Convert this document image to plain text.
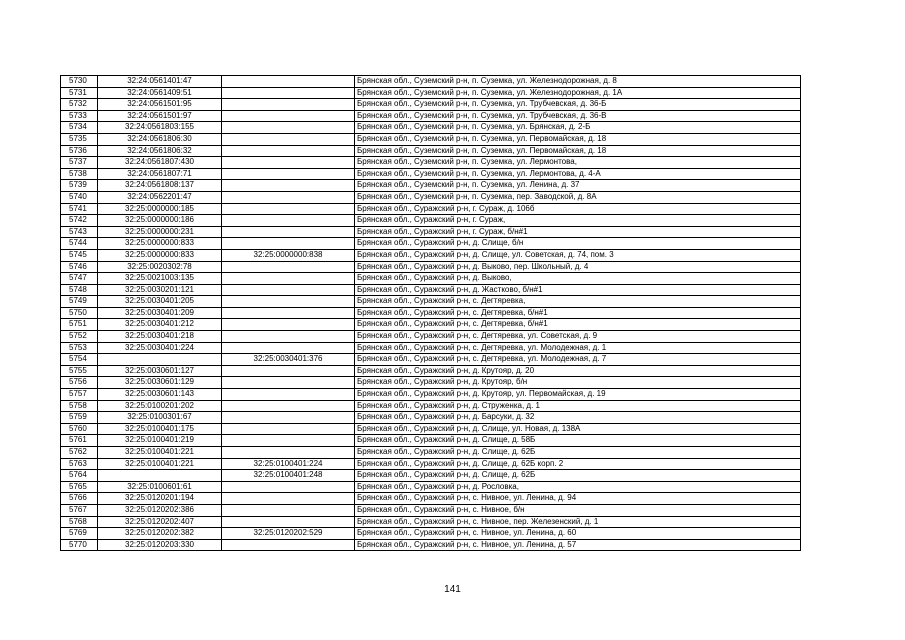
5730	32:24:0561401:47		Брянская обл., Суземский р-н, п. Суземка, ул. Железнодорожная, д. 8
5731	32:24:0561409:51		Брянская обл., Суземский р-н, п. Суземка, ул. Железнодорожная, д. 1А
5732	32:24:0561501:95		Брянская обл., Суземский р-н, п. Суземка, ул. Трубчевская, д. 36-Б
5733	32:24:0561501:97		Брянская обл., Суземский р-н, п. Суземка, ул. Трубчевская, д. 36-В
5734	32:24:0561803:155		Брянская обл., Суземский р-н, п. Суземка, ул. Брянская, д. 2-Б
5735	32:24:0561806:30		Брянская обл., Суземский р-н, п. Суземка, ул. Первомайская, д. 18
5736	32:24:0561806:32		Брянская обл., Суземский р-н, п. Суземка, ул. Первомайская, д. 18
5737	32:24:0561807:430		Брянская обл., Суземский р-н, п. Суземка, ул. Лермонтова,
5738	32:24:0561807:71		Брянская обл., Суземский р-н, п. Суземка, ул. Лермонтова, д. 4-А
5739	32:24:0561808:137		Брянская обл., Суземский р-н, п. Суземка, ул. Ленина, д. 37
5740	32:24:0562201:47		Брянская обл., Суземский р-н, п. Суземка, пер. Заводской, д. 8А
5741	32:25:0000000:185		Брянская обл., Суражский р-н, г. Сураж, д. 106б
5742	32:25:0000000:186		Брянская обл., Суражский р-н, г. Сураж,
5743	32:25:0000000:231		Брянская обл., Суражский р-н, г. Сураж, б/н#1
5744	32:25:0000000:833		Брянская обл., Суражский р-н, д. Слище, б/н
5745	32:25:0000000:833	32:25:0000000:838	Брянская обл., Суражский р-н, д. Слище, ул. Советская, д. 74, пом. 3
5746	32:25:0020302:78		Брянская обл., Суражский р-н, д. Выково, пер. Школьный, д. 4
5747	32:25:0021003:135		Брянская обл., Суражский р-н, д. Выково,
5748	32:25:0030201:121		Брянская обл., Суражский р-н, д. Жастково, б/н#1
5749	32:25:0030401:205		Брянская обл., Суражский р-н, с. Дегтяревка,
5750	32:25:0030401:209		Брянская обл., Суражский р-н, с. Дегтяревка, б/н#1
5751	32:25:0030401:212		Брянская обл., Суражский р-н, с. Дегтяревка, б/н#1
5752	32:25:0030401:218		Брянская обл., Суражский р-н, с. Дегтяревка, ул. Советская, д. 9
5753	32:25:0030401:224		Брянская обл., Суражский р-н, с. Дегтяревка, ул. Молодежная, д. 1
5754		32:25:0030401:376	Брянская обл., Суражский р-н, с. Дегтяревка, ул. Молодежная, д. 7
5755	32:25:0030601:127		Брянская обл., Суражский р-н, д. Крутояр, д. 20
5756	32:25:0030601:129		Брянская обл., Суражский р-н, д. Крутояр, б/н
5757	32:25:0030601:143		Брянская обл., Суражский р-н, д. Крутояр, ул. Первомайская, д. 19
5758	32:25:0100201:202		Брянская обл., Суражский р-н, д. Струженка, д. 1
5759	32:25:0100301:67		Брянская обл., Суражский р-н, д. Барсуки, д. 32
5760	32:25:0100401:175		Брянская обл., Суражский р-н, д. Слище, ул. Новая, д. 138А
5761	32:25:0100401:219		Брянская обл., Суражский р-н, д. Слище, д. 58Б
5762	32:25:0100401:221		Брянская обл., Суражский р-н, д. Слище, д. 62Б
5763	32:25:0100401:221	32:25:0100401:224	Брянская обл., Суражский р-н, д. Слище, д. 62Б корп. 2
5764		32:25:0100401:248	Брянская обл., Суражский р-н, д. Слище, д. 62Б
5765	32:25:0100601:61		Брянская обл., Суражский р-н, д. Рословка,
5766	32:25:0120201:194		Брянская обл., Суражский р-н, с. Нивное, ул. Ленина, д. 94
5767	32:25:0120202:386		Брянская обл., Суражский р-н, с. Нивное, б/н
5768	32:25:0120202:407		Брянская обл., Суражский р-н, с. Нивное, пер. Железенский, д. 1
5769	32:25:0120202:382	32:25:0120202:529	Брянская обл., Суражский р-н, с. Нивное, ул. Ленина, д. 60
5770	32:25:0120203:330		Брянская обл., Суражский р-н, с. Нивное, ул. Ленина, д. 57
141
